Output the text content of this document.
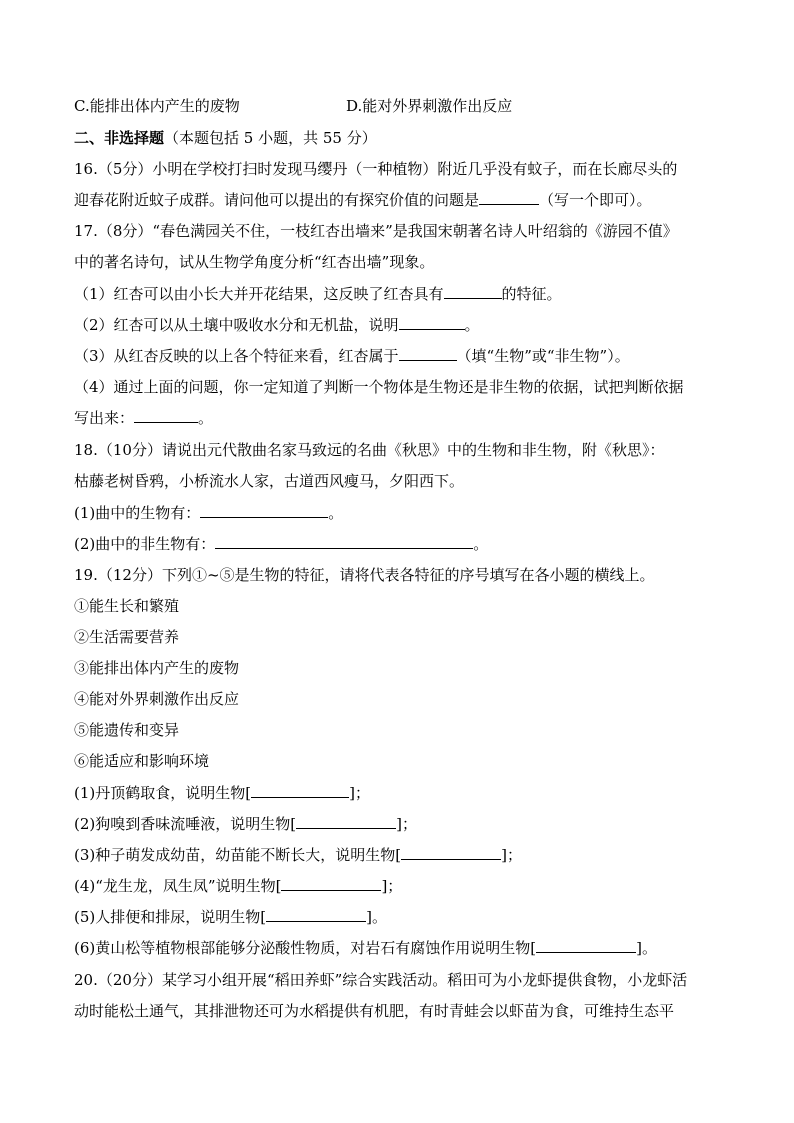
C.能排出体内产生的废物	D.能对外界刺激作出反应
二、非选择题（本题包括 5 小题，共 55 分）
16.（5分）小明在学校打扫时发现马缨丹（一种植物）附近几乎没有蚊子，而在长廊尽头的
迎春花附近蚊子成群。请问他可以提出的有探究价值的问题是	（写一个即可）。
17.（8分）“春色满园关不住，一枝红杏出墙来”是我国宋朝著名诗人叶绍翁的《游园不值》
中的著名诗句，试从生物学角度分析“红杏出墙”现象。
（1）红杏可以由小长大并开花结果，这反映了红杏具有	的特征。
（2）红杏可以从土壤中吸收水分和无机盐，说明	。
（3）从红杏反映的以上各个特征来看，红杏属于	（填“生物”或“非生物”）。
（4）通过上面的问题，你一定知道了判断一个物体是生物还是非生物的依据，试把判断依据
写出来：	。
18.（10分）请说出元代散曲名家马致远的名曲《秋思》中的生物和非生物，附《秋思》：
枯藤老树昏鸦，小桥流水人家，古道西风瘦马，夕阳西下。
(1)曲中的生物有：	。
(2)曲中的非生物有：	。
19.（12分）下列①~⑤是生物的特征，请将代表各特征的序号填写在各小题的横线上。
①能生长和繁殖
②生活需要营养
③能排出体内产生的废物
④能对外界刺激作出反应
⑤能遗传和变异
⑥能适应和影响环境
(1)丹顶鹤取食，说明生物[	]；
(2)狗嗅到香味流唾液，说明生物[	]；
(3)种子萌发成幼苗，幼苗能不断长大，说明生物[	]；
(4)“龙生龙，凤生凤”说明生物[	]；
(5)人排便和排尿，说明生物[	]。
(6)黄山松等植物根部能够分泌酸性物质，对岩石有腐蚀作用说明生物[	]。
20.（20分）某学习小组开展“稻田养虾”综合实践活动。稻田可为小龙虾提供食物，小龙虾活
动时能松土通气，其排泄物还可为水稻提供有机肥，有时青蛙会以虾苗为食，可维持生态平
